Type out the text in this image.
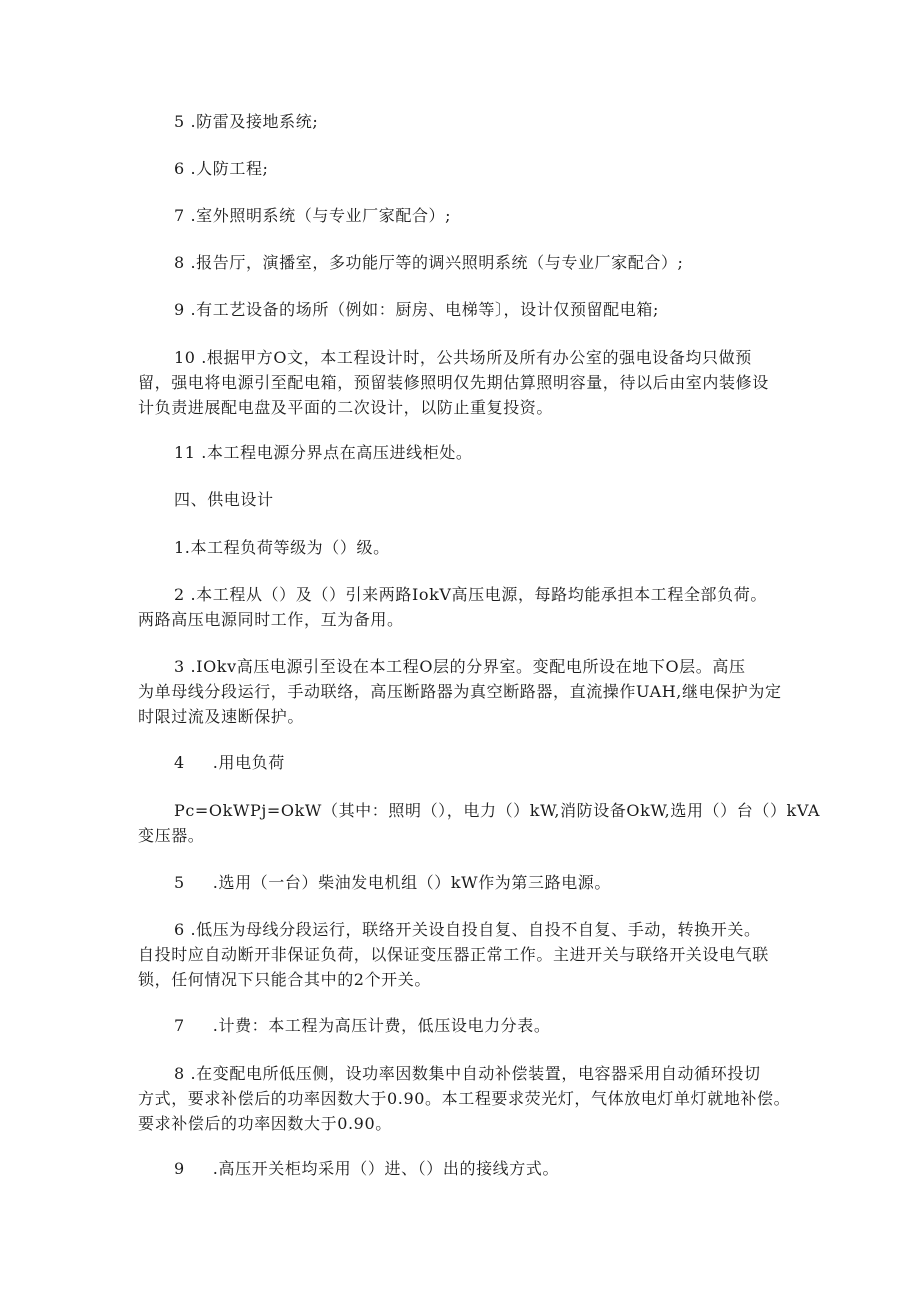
5 .防雷及接地系统;

6 .人防工程;

7 .室外照明系统（与专业厂家配合）;

8 .报告厅，演播室，多功能厅等的调兴照明系统（与专业厂家配合）;

9 .有工艺设备的场所（例如：厨房、电梯等〕，设计仅预留配电箱;

10 .根据甲方O文，本工程设计时，公共场所及所有办公室的强电设备均只做预
留，强电将电源引至配电箱，预留装修照明仅先期估算照明容量，待以后由室内装修设
计负责进展配电盘及平面的二次设计，以防止重复投资。

11 .本工程电源分界点在高压进线柜处。

四、供电设计

1.本工程负荷等级为（）级。

2 .本工程从（）及（）引来两路IokV高压电源，每路均能承担本工程全部负荷。
两路高压电源同时工作，互为备用。

3 .IOkv高压电源引至设在本工程O层的分界室。变配电所设在地下O层。高压
为单母线分段运行，手动联络，高压断路器为真空断路器，直流操作UAH,继电保护为定
时限过流及速断保护。

4 .用电负荷

Pc=OkWPj=OkW（其中：照明（），电力（）kW,消防设备OkW,选用（）台（）kVA
变压器。

5 .选用（一台）柴油发电机组（）kW作为第三路电源。

6 .低压为母线分段运行，联络开关设自投自复、自投不自复、手动，转换开关。
自投时应自动断开非保证负荷，以保证变压器正常工作。主进开关与联络开关设电气联
锁，任何情况下只能合其中的2个开关。

7 .计费：本工程为高压计费，低压设电力分表。

8 .在变配电所低压侧，设功率因数集中自动补偿装置，电容器采用自动循环投切
方式，要求补偿后的功率因数大于0.90。本工程要求荧光灯，气体放电灯单灯就地补偿。
要求补偿后的功率因数大于0.90。

9 .高压开关柜均采用（）进、（）出的接线方式。
